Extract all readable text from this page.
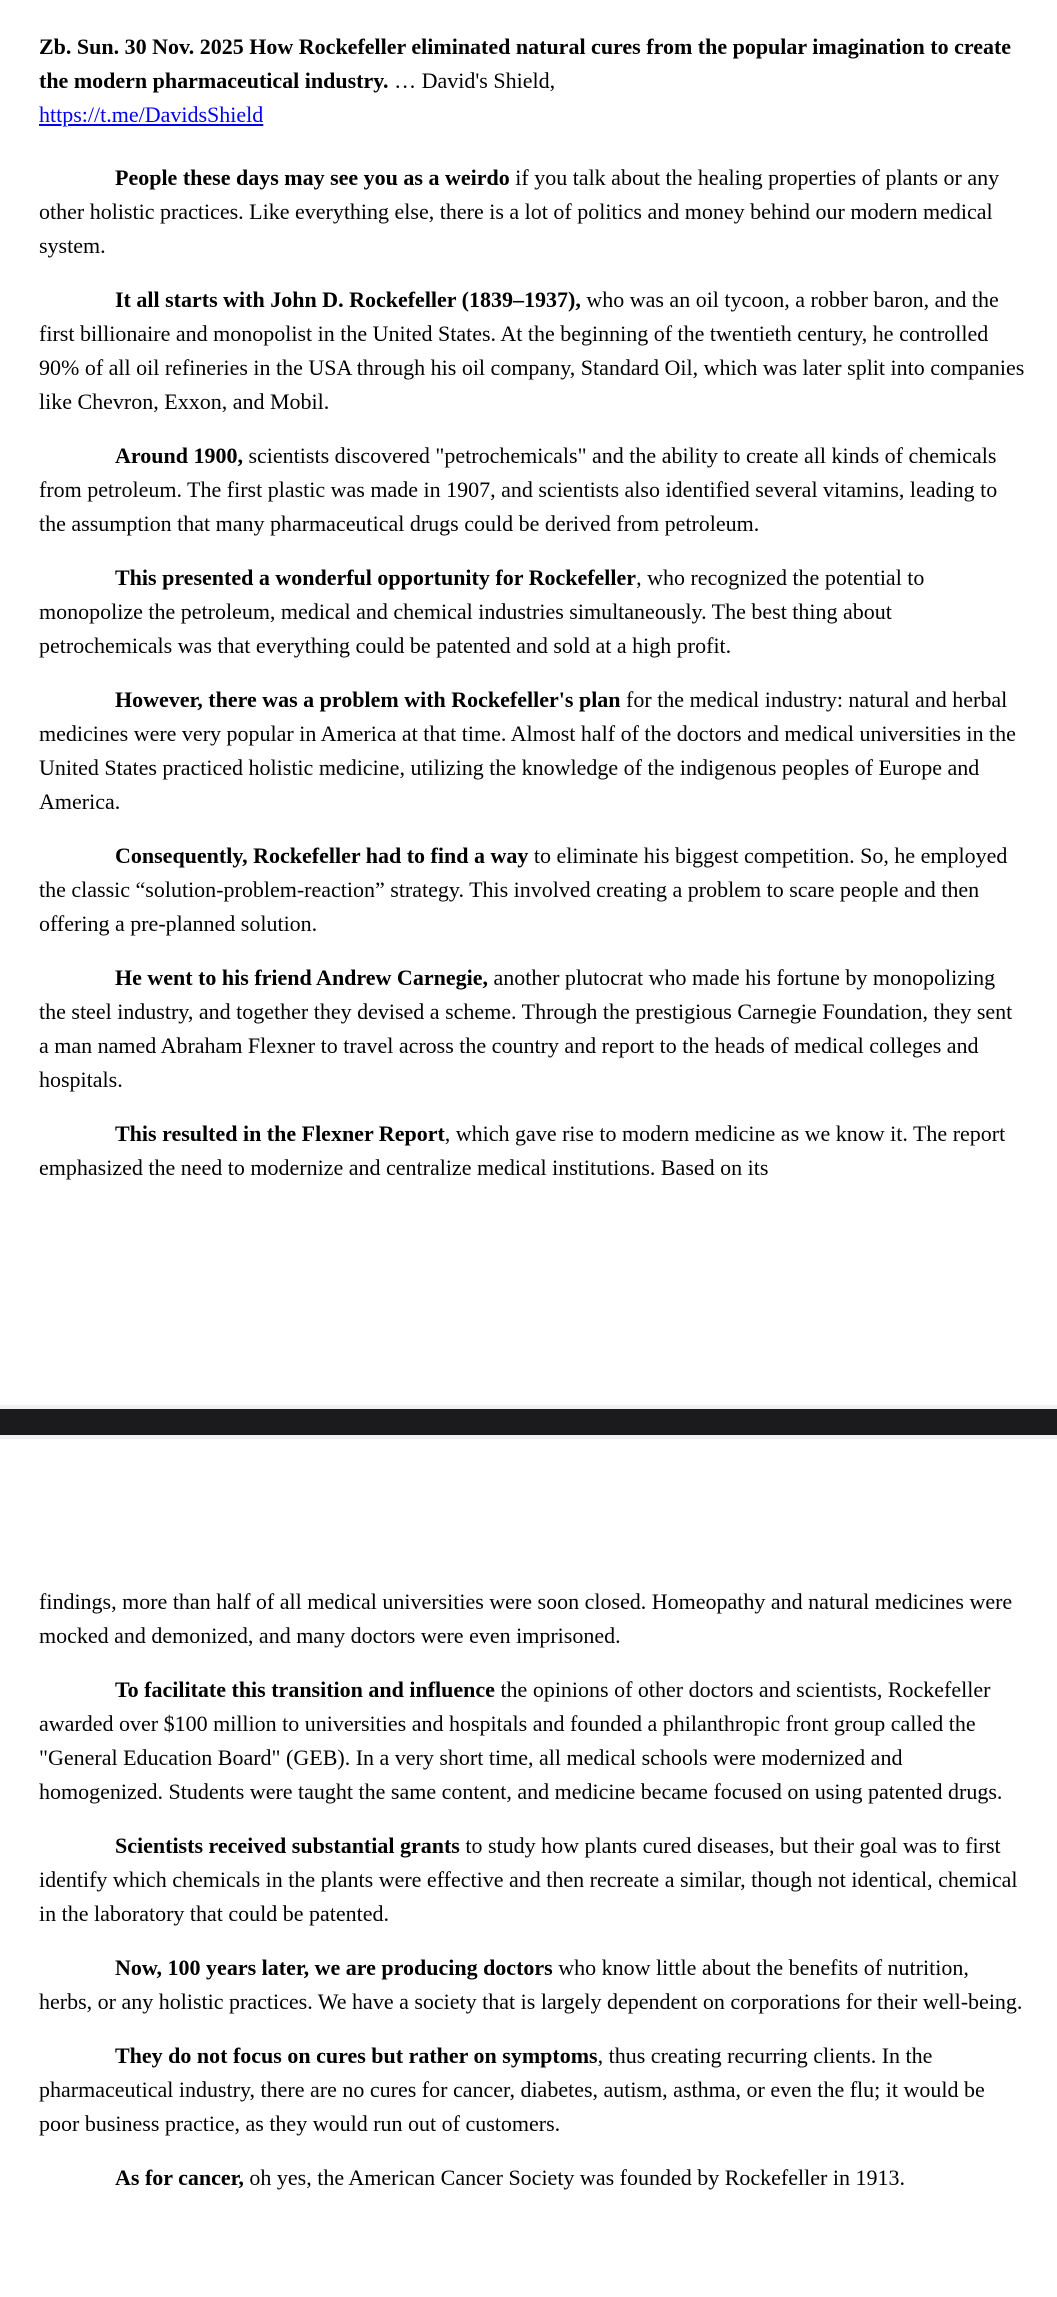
Zb. Sun. 30 Nov. 2025 How Rockefeller eliminated natural cures from the popular imagination to create the modern pharmaceutical industry. … David's Shield,
https://t.me/DavidsShield

People these days may see you as a weirdo if you talk about the healing properties of plants or any other holistic practices. Like everything else, there is a lot of politics and money behind our modern medical system.

It all starts with John D. Rockefeller (1839–1937), who was an oil tycoon, a robber baron, and the first billionaire and monopolist in the United States. At the beginning of the twentieth century, he controlled 90% of all oil refineries in the USA through his oil company, Standard Oil, which was later split into companies like Chevron, Exxon, and Mobil.

Around 1900, scientists discovered "petrochemicals" and the ability to create all kinds of chemicals from petroleum. The first plastic was made in 1907, and scientists also identified several vitamins, leading to the assumption that many pharmaceutical drugs could be derived from petroleum.

This presented a wonderful opportunity for Rockefeller, who recognized the potential to monopolize the petroleum, medical and chemical industries simultaneously. The best thing about petrochemicals was that everything could be patented and sold at a high profit.

However, there was a problem with Rockefeller's plan for the medical industry: natural and herbal medicines were very popular in America at that time. Almost half of the doctors and medical universities in the United States practiced holistic medicine, utilizing the knowledge of the indigenous peoples of Europe and America.

Consequently, Rockefeller had to find a way to eliminate his biggest competition. So, he employed the classic “solution-problem-reaction” strategy. This involved creating a problem to scare people and then offering a pre-planned solution.

He went to his friend Andrew Carnegie, another plutocrat who made his fortune by monopolizing the steel industry, and together they devised a scheme. Through the prestigious Carnegie Foundation, they sent a man named Abraham Flexner to travel across the country and report to the heads of medical colleges and hospitals.

This resulted in the Flexner Report, which gave rise to modern medicine as we know it. The report emphasized the need to modernize and centralize medical institutions. Based on its

findings, more than half of all medical universities were soon closed. Homeopathy and natural medicines were mocked and demonized, and many doctors were even imprisoned.

To facilitate this transition and influence the opinions of other doctors and scientists, Rockefeller awarded over $100 million to universities and hospitals and founded a philanthropic front group called the "General Education Board" (GEB). In a very short time, all medical schools were modernized and homogenized. Students were taught the same content, and medicine became focused on using patented drugs.

Scientists received substantial grants to study how plants cured diseases, but their goal was to first identify which chemicals in the plants were effective and then recreate a similar, though not identical, chemical in the laboratory that could be patented.

Now, 100 years later, we are producing doctors who know little about the benefits of nutrition, herbs, or any holistic practices. We have a society that is largely dependent on corporations for their well-being.

They do not focus on cures but rather on symptoms, thus creating recurring clients. In the pharmaceutical industry, there are no cures for cancer, diabetes, autism, asthma, or even the flu; it would be poor business practice, as they would run out of customers.

As for cancer, oh yes, the American Cancer Society was founded by Rockefeller in 1913.
